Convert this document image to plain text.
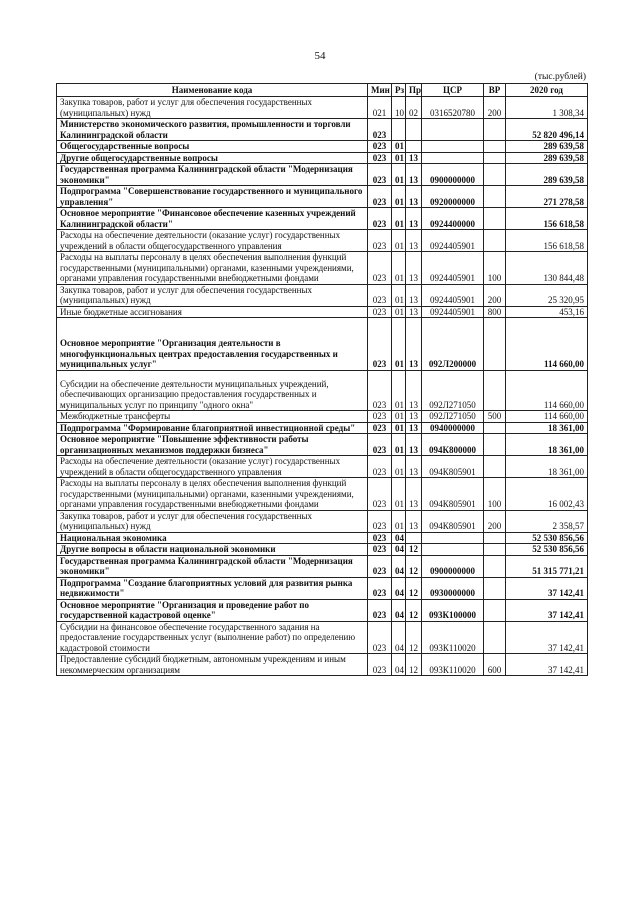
54
(тыс.рублей)
Наименование кода	Мин	Рз	Пр	ЦСР	ВР	2020 год
Закупка товаров, работ и услуг для обеспечения государственных (муниципальных) нужд	021	10	02	0316520780	200	1 308,34
Министерство экономического развития, промышленности и торговли Калининградской области	023					52 820 496,14
Общегосударственные вопросы	023	01				289 639,58
Другие общегосударственные вопросы	023	01	13			289 639,58
Государственная программа Калининградской области "Модернизация экономики"	023	01	13	0900000000		289 639,58
Подпрограмма "Совершенствование государственного и муниципального управления"	023	01	13	0920000000		271 278,58
Основное мероприятие "Финансовое обеспечение казенных учреждений Калининградской области"	023	01	13	0924400000		156 618,58
Расходы на обеспечение деятельности (оказание услуг) государственных учреждений в области общегосударственного управления	023	01	13	0924405901		156 618,58
Расходы на выплаты персоналу в целях обеспечения выполнения функций государственными (муниципальными) органами, казенными учреждениями, органами управления государственными внебюджетными фондами	023	01	13	0924405901	100	130 844,48
Закупка товаров, работ и услуг для обеспечения государственных (муниципальных) нужд	023	01	13	0924405901	200	25 320,95
Иные бюджетные ассигнования	023	01	13	0924405901	800	453,16
Основное мероприятие "Организация деятельности в многофункциональных центрах предоставления государственных и муниципальных услуг"	023	01	13	092Л200000		114 660,00
Субсидии на обеспечение деятельности муниципальных учреждений, обеспечивающих организацию предоставления государственных и муниципальных услуг по принципу "одного окна"	023	01	13	092Л271050		114 660,00
Межбюджетные трансферты	023	01	13	092Л271050	500	114 660,00
Подпрограмма "Формирование благоприятной инвестиционной среды"	023	01	13	0940000000		18 361,00
Основное мероприятие "Повышение эффективности работы организационных механизмов поддержки бизнеса"	023	01	13	094К800000		18 361,00
Расходы на обеспечение деятельности (оказание услуг) государственных учреждений в области общегосударственного управления	023	01	13	094К805901		18 361,00
Расходы на выплаты персоналу в целях обеспечения выполнения функций государственными (муниципальными) органами, казенными учреждениями, органами управления государственными внебюджетными фондами	023	01	13	094К805901	100	16 002,43
Закупка товаров, работ и услуг для обеспечения государственных (муниципальных) нужд	023	01	13	094К805901	200	2 358,57
Национальная экономика	023	04				52 530 856,56
Другие вопросы в области национальной экономики	023	04	12			52 530 856,56
Государственная программа Калининградской области "Модернизация экономики"	023	04	12	0900000000		51 315 771,21
Подпрограмма "Создание благоприятных условий для развития рынка недвижимости"	023	04	12	0930000000		37 142,41
Основное мероприятие "Организация и проведение работ по государственной кадастровой оценке"	023	04	12	093К100000		37 142,41
Субсидии на финансовое обеспечение государственного задания на предоставление государственных услуг (выполнение работ) по определению кадастровой стоимости	023	04	12	093К110020		37 142,41
Предоставление субсидий бюджетным, автономным учреждениям и иным некоммерческим организациям	023	04	12	093К110020	600	37 142,41
